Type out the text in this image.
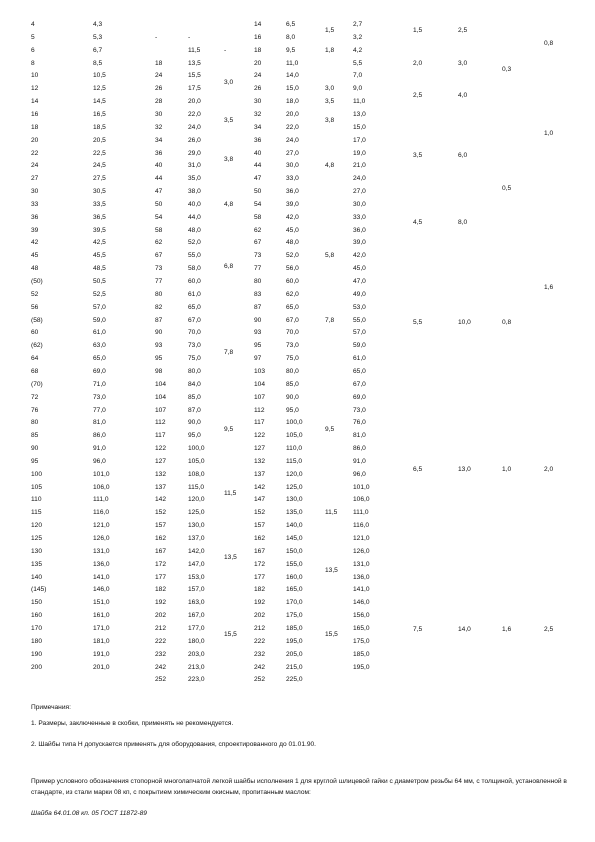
4
5
6
8
10
12
14
16
18
20
22
24
27
30
33
36
39
42
45
48
(50)
52
56
(58)
60
(62)
64
68
(70)
72
76
80
85
90
95
100
105
110
115
120
125
130
135
140
(145)
150
160
170
180
190
200
4,3
5,3
6,7
8,5
10,5
12,5
14,5
16,5
18,5
20,5
22,5
24,5
27,5
30,5
33,5
36,5
39,5
42,5
45,5
48,5
50,5
52,5
57,0
59,0
61,0
63,0
65,0
69,0
71,0
73,0
77,0
81,0
86,0
91,0
96,0
101,0
106,0
111,0
116,0
121,0
126,0
131,0
136,0
141,0
146,0
151,0
161,0
171,0
181,0
191,0
201,0
-
18
24
26
28
30
32
34
36
40
44
47
50
54
58
62
67
73
77
80
82
87
90
93
95
98
104
104
107
112
117
122
127
132
137
142
152
157
162
167
172
177
182
192
202
212
222
232
242
252
-
11,5
13,5
15,5
17,5
20,0
22,0
24,0
26,0
29,0
31,0
35,0
38,0
40,0
44,0
48,0
52,0
55,0
58,0
60,0
61,0
65,0
67,0
70,0
73,0
75,0
80,0
84,0
85,0
87,0
90,0
95,0
100,0
105,0
108,0
115,0
120,0
125,0
130,0
137,0
142,0
147,0
153,0
157,0
163,0
167,0
177,0
180,0
203,0
213,0
223,0
-
3,0
3,5
3,8
4,8
6,8
7,8
9,5
11,5
13,5
15,5
14
16
18
20
24
26
30
32
34
36
40
44
47
50
54
58
62
67
73
77
80
83
87
90
93
95
97
103
104
107
112
117
122
127
132
137
142
147
152
157
162
167
172
177
182
192
202
212
222
232
242
252
6,5
8,0
9,5
11,0
14,0
15,0
18,0
20,0
22,0
24,0
27,0
30,0
33,0
36,0
39,0
42,0
45,0
48,0
52,0
56,0
60,0
62,0
65,0
67,0
70,0
73,0
75,0
80,0
85,0
90,0
95,0
100,0
105,0
110,0
115,0
120,0
125,0
130,0
135,0
140,0
145,0
150,0
155,0
160,0
165,0
170,0
175,0
185,0
195,0
205,0
215,0
225,0
1,5
1,8
3,0
3,5
3,8
4,8
5,8
7,8
9,5
11,5
13,5
15,5
2,7
3,2
4,2
5,5
7,0
9,0
11,0
13,0
15,0
17,0
19,0
21,0
24,0
27,0
30,0
33,0
36,0
39,0
42,0
45,0
47,0
49,0
53,0
55,0
57,0
59,0
61,0
65,0
67,0
69,0
73,0
76,0
81,0
86,0
91,0
96,0
101,0
106,0
111,0
116,0
121,0
126,0
131,0
136,0
141,0
146,0
156,0
165,0
175,0
185,0
195,0
1,5
2,0
2,5
3,5
4,5
5,5
6,5
7,5
2,5
3,0
4,0
6,0
8,0
10,0
13,0
14,0
0,3
0,5
0,8
1,0
1,6
0,8
1,0
1,6
2,0
2,5
Примечания:
1. Размеры, заключенные в скобки, применять не рекомендуется.
2. Шайбы типа Н допускается применять для оборудования, спроектированного до 01.01.90.
Пример условного обозначения стопорной многолапчатой легкой шайбы исполнения 1 для круглой шлицевой гайки с диаметром резьбы 64 мм, с толщиной, установленной в стандарте, из стали марки 08 кп, с покрытием химическим окисным, пропитанным маслом:
Шайба 64.01.08 кп. 05 ГОСТ 11872-89
